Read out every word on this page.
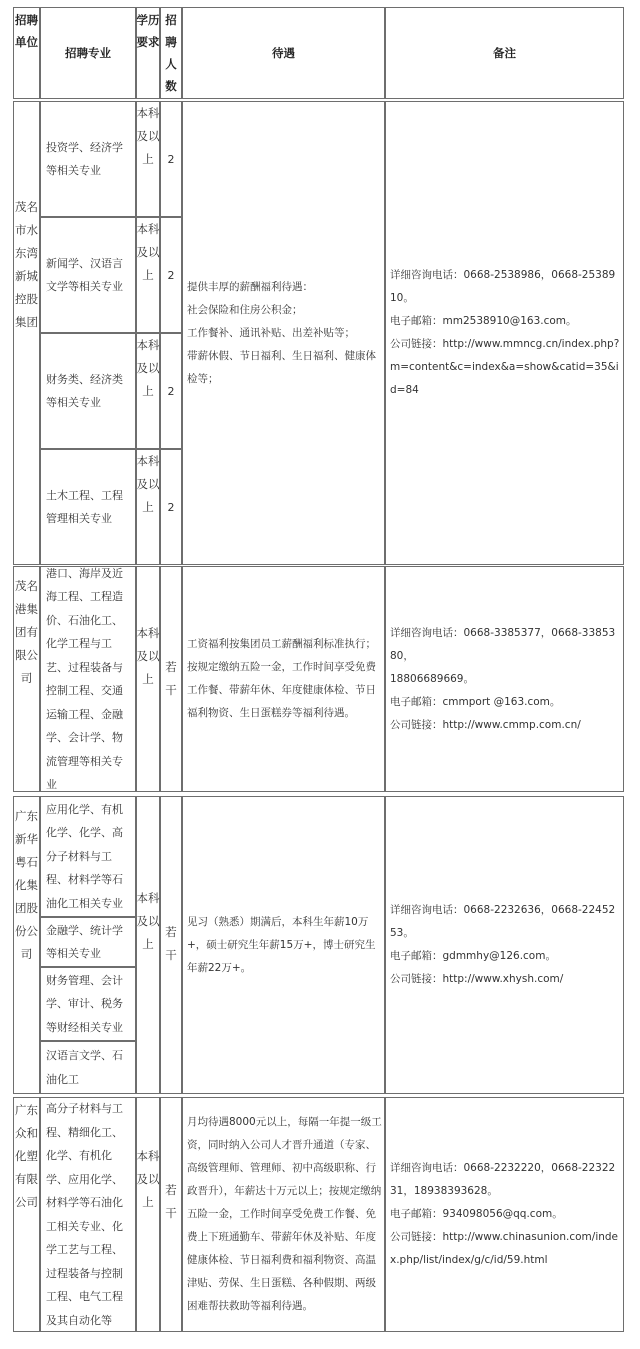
招聘单位
招聘专业
学历要求
招聘人数
待遇	备注
茂名市水东湾新城控股集团
投资学、经济学等相关专业
新闻学、汉语言文学等相关专业
财务类、经济类等相关专业
土木工程、工程管理相关专业
本科及以上
本科及以上
本科及以上
本科及以上
2
2
2
2

提供丰厚的薪酬福利待遇：

社会保险和住房公积金；

工作餐补、通讯补贴、出差补贴等；

带薪休假、节日福利、生日福利、健康体检等；

详细咨询电话：0668-2538986，0668-2538910。

电子邮箱：mm2538910@163.com。

公司链接：http://www.mmncg.cn/index.php?m=content&c=index&a=show&catid=35&id=84

茂名港集团有限公司
港口、海岸及近海工程、工程造价、石油化工、化学工程与工艺、过程装备与控制工程、交通运输工程、金融学、会计学、物流管理等相关专业
本科及以上
若干

工资福利按集团员工薪酬福利标准执行；按规定缴纳五险一金，工作时间享受免费工作餐、带薪年休、年度健康体检、节日福利物资、生日蛋糕券等福利待遇。

详细咨询电话：0668-3385377，0668-3385380，

18806689669。

电子邮箱：cmmport @163.com。

公司链接：http://www.cmmp.com.cn/

广东新华粤石化集团股份公司
应用化学、有机化学、化学、高分子材料与工程、材料学等石油化工相关专业
金融学、统计学等相关专业
财务管理、会计学、审计、税务等财经相关专业
汉语言文学、石油化工
本科及以上
若干

见习（熟悉）期满后，本科生年薪10万+，硕士研究生年薪15万+，博士研究生年薪22万+。

详细咨询电话：0668-2232636，0668-2245253。

电子邮箱：gdmmhy@126.com。

公司链接：http://www.xhysh.com/

广东众和化塑有限公司
高分子材料与工程、精细化工、化学、有机化学、应用化学、材料学等石油化工相关专业、化学工艺与工程、过程装备与控制工程、电气工程及其自动化等
本科及以上
若干

月均待遇8000元以上，每隔一年提一级工资，同时纳入公司人才晋升通道（专家、高级管理师、管理师、初中高级职称、行政晋升），年薪达十万元以上；按规定缴纳五险一金，工作时间享受免费工作餐、免费上下班通勤车、带薪年休及补贴、年度健康体检、节日福利费和福利物资、高温津贴、劳保、生日蛋糕、各种假期、两级困难帮扶救助等福利待遇。

详细咨询电话：0668-2232220，0668-2232231，18938393628。

电子邮箱：934098056@qq.com。

公司链接：http://www.chinasunion.com/index.php/list/index/g/c/id/59.html
